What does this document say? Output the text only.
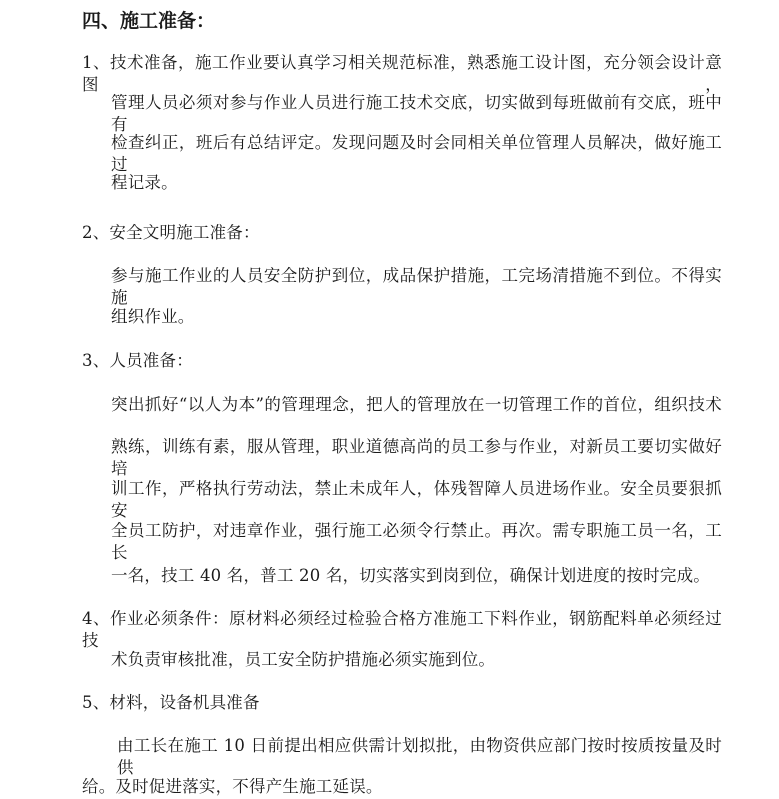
四、施工准备：
1、技术准备，施工作业要认真学习相关规范标准，熟悉施工设计图，充分领会设计意图，
管理人员必须对参与作业人员进行施工技术交底，切实做到每班做前有交底，班中有
检查纠正，班后有总结评定。发现问题及时会同相关单位管理人员解决，做好施工过
程记录。
2、安全文明施工准备：
参与施工作业的人员安全防护到位，成品保护措施，工完场清措施不到位。不得实施
组织作业。
3、人员准备：
突出抓好“以人为本”的管理理念，把人的管理放在一切管理工作的首位，组织技术
熟练，训练有素，服从管理，职业道德高尚的员工参与作业，对新员工要切实做好培
训工作，严格执行劳动法，禁止未成年人，体残智障人员进场作业。安全员要狠抓安
全员工防护，对违章作业，强行施工必须令行禁止。再次。需专职施工员一名，工长
一名，技工 40 名，普工 20 名，切实落实到岗到位，确保计划进度的按时完成。
4、作业必须条件：原材料必须经过检验合格方准施工下料作业，钢筋配料单必须经过技
术负责审核批准，员工安全防护措施必须实施到位。
5、材料，设备机具准备
由工长在施工 10 日前提出相应供需计划拟批，由物资供应部门按时按质按量及时供
给。及时促进落实，不得产生施工延误。
